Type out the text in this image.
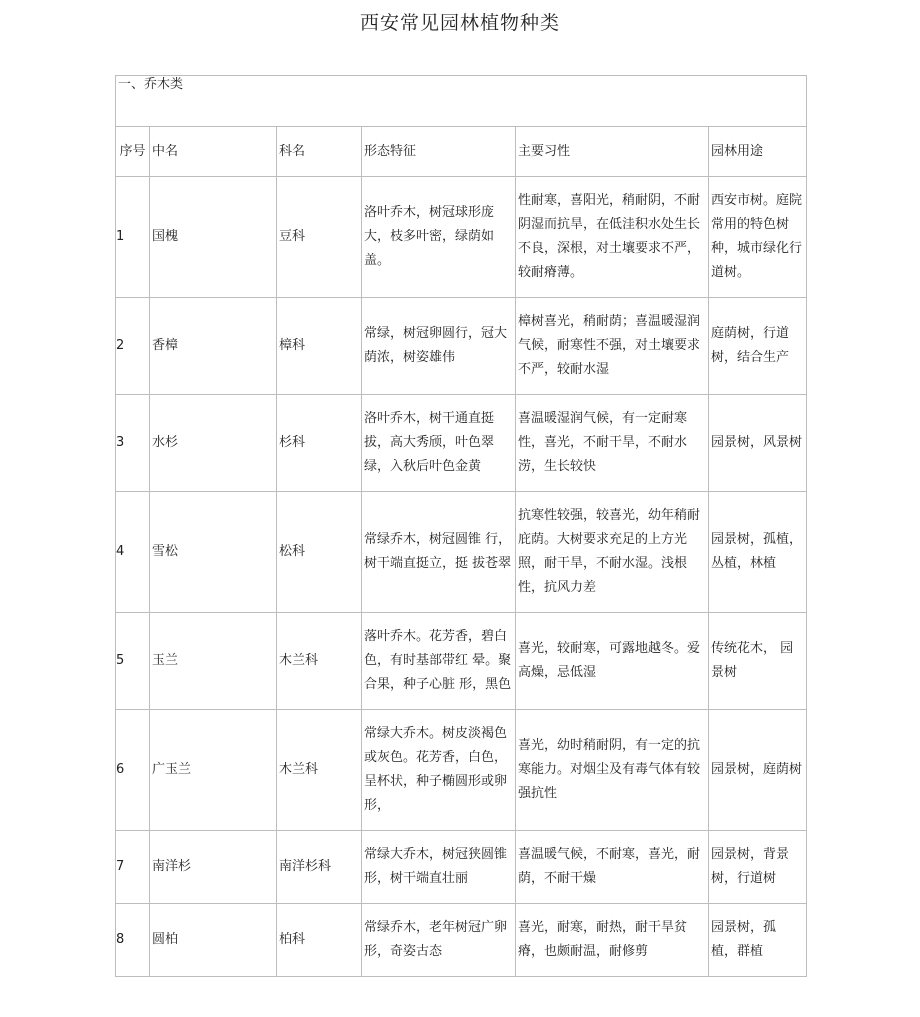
西安常见园林植物种类
一、乔木类					
序号	中名	科名	形态特征	主要习性	园林用途
1	国槐	豆科	洛叶乔木，树冠球形庞大，枝多叶密，绿荫如盖。	性耐寒，喜阳光，稍耐阴，不耐阴湿而抗旱，在低洼积水处生长不良，深根，对土壤要求不严，较耐瘠薄。	西安市树。庭院常用的特色树种，城市绿化行道树。
2	香樟	樟科	常绿，树冠卵圆行，冠大荫浓，树姿雄伟	樟树喜光，稍耐荫；喜温暖湿润气候，耐寒性不强，对土壤要求不严，较耐水湿	庭荫树，行道树，结合生产
3	水杉	杉科	洛叶乔木，树干通直挺拔，高大秀颀，叶色翠绿，入秋后叶色金黄	喜温暖湿润气候，有一定耐寒性，喜光，不耐干旱，不耐水涝，生长较快	园景树，风景树
4	雪松	松科	常绿乔木，树冠圆锥 行，树干端直挺立，挺 拔苍翠	抗寒性较强，较喜光，幼年稍耐庇荫。大树要求充足的上方光照，耐干旱，不耐水湿。浅根性，抗风力差	园景树，孤植，丛植，林植
5	玉兰	木兰科	落叶乔木。花芳香，碧白色，有时基部带红 晕。聚合果，种子心脏 形，黑色	喜光，较耐寒，可露地越冬。爱高燥，忌低湿	传统花木， 园景树
6	广玉兰	木兰科	常绿大乔木。树皮淡褐色或灰色。花芳香，白色，呈杯状，种子椭圆形或卵形，	喜光，幼时稍耐阴，有一定的抗寒能力。对烟尘及有毒气体有较强抗性	园景树，庭荫树
7	南洋杉	南洋杉科	常绿大乔木，树冠狭圆锥形，树干端直壮丽	喜温暖气候，不耐寒，喜光，耐荫，不耐干燥	园景树，背景树，行道树
8	圆柏	柏科	常绿乔木，老年树冠广卵形，奇姿古态	喜光，耐寒，耐热，耐干旱贫瘠，也颇耐温，耐修剪	园景树，孤 植，群植
